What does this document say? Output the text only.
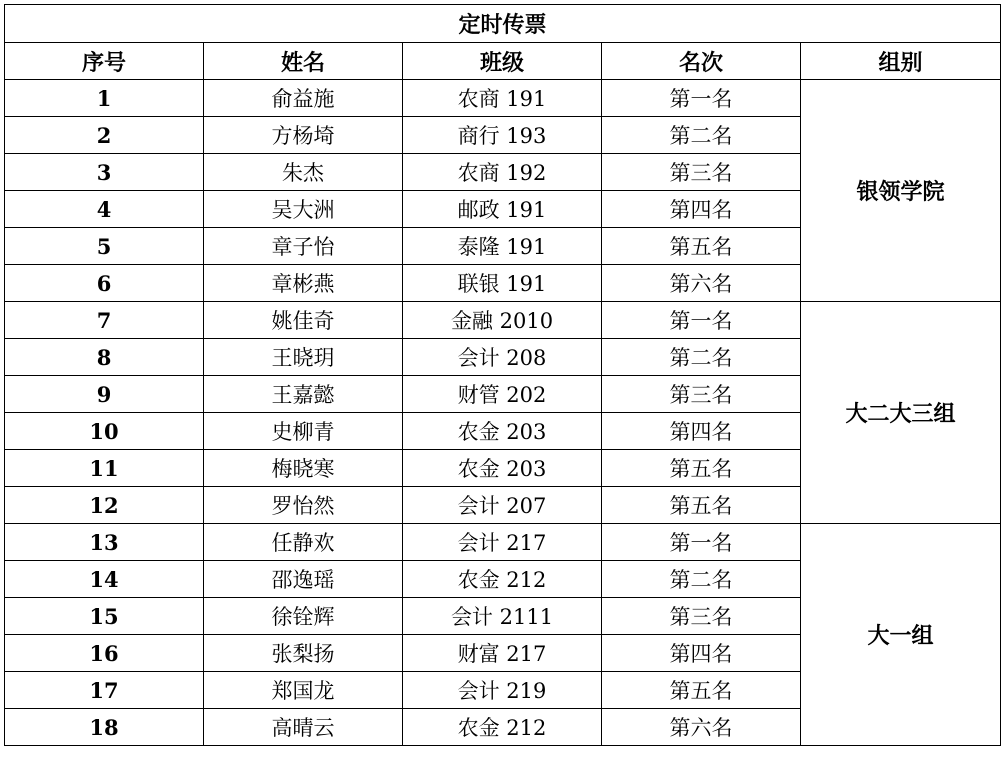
定时传票				
序号	姓名	班级	名次	组别
1	俞益施	农商 191	第一名	银领学院
2	方杨埼	商行 193	第二名	
3	朱杰	农商 192	第三名	
4	吴大洲	邮政 191	第四名	
5	章子怡	泰隆 191	第五名	
6	章彬燕	联银 191	第六名	
7	姚佳奇	金融 2010	第一名	大二大三组
8	王晓玥	会计 208	第二名	
9	王嘉懿	财管 202	第三名	
10	史柳青	农金 203	第四名	
11	梅晓寒	农金 203	第五名	
12	罗怡然	会计 207	第五名	
13	任静欢	会计 217	第一名	大一组
14	邵逸瑶	农金 212	第二名	
15	徐铨辉	会计 2111	第三名	
16	张梨扬	财富 217	第四名	
17	郑国龙	会计 219	第五名	
18	高晴云	农金 212	第六名	
